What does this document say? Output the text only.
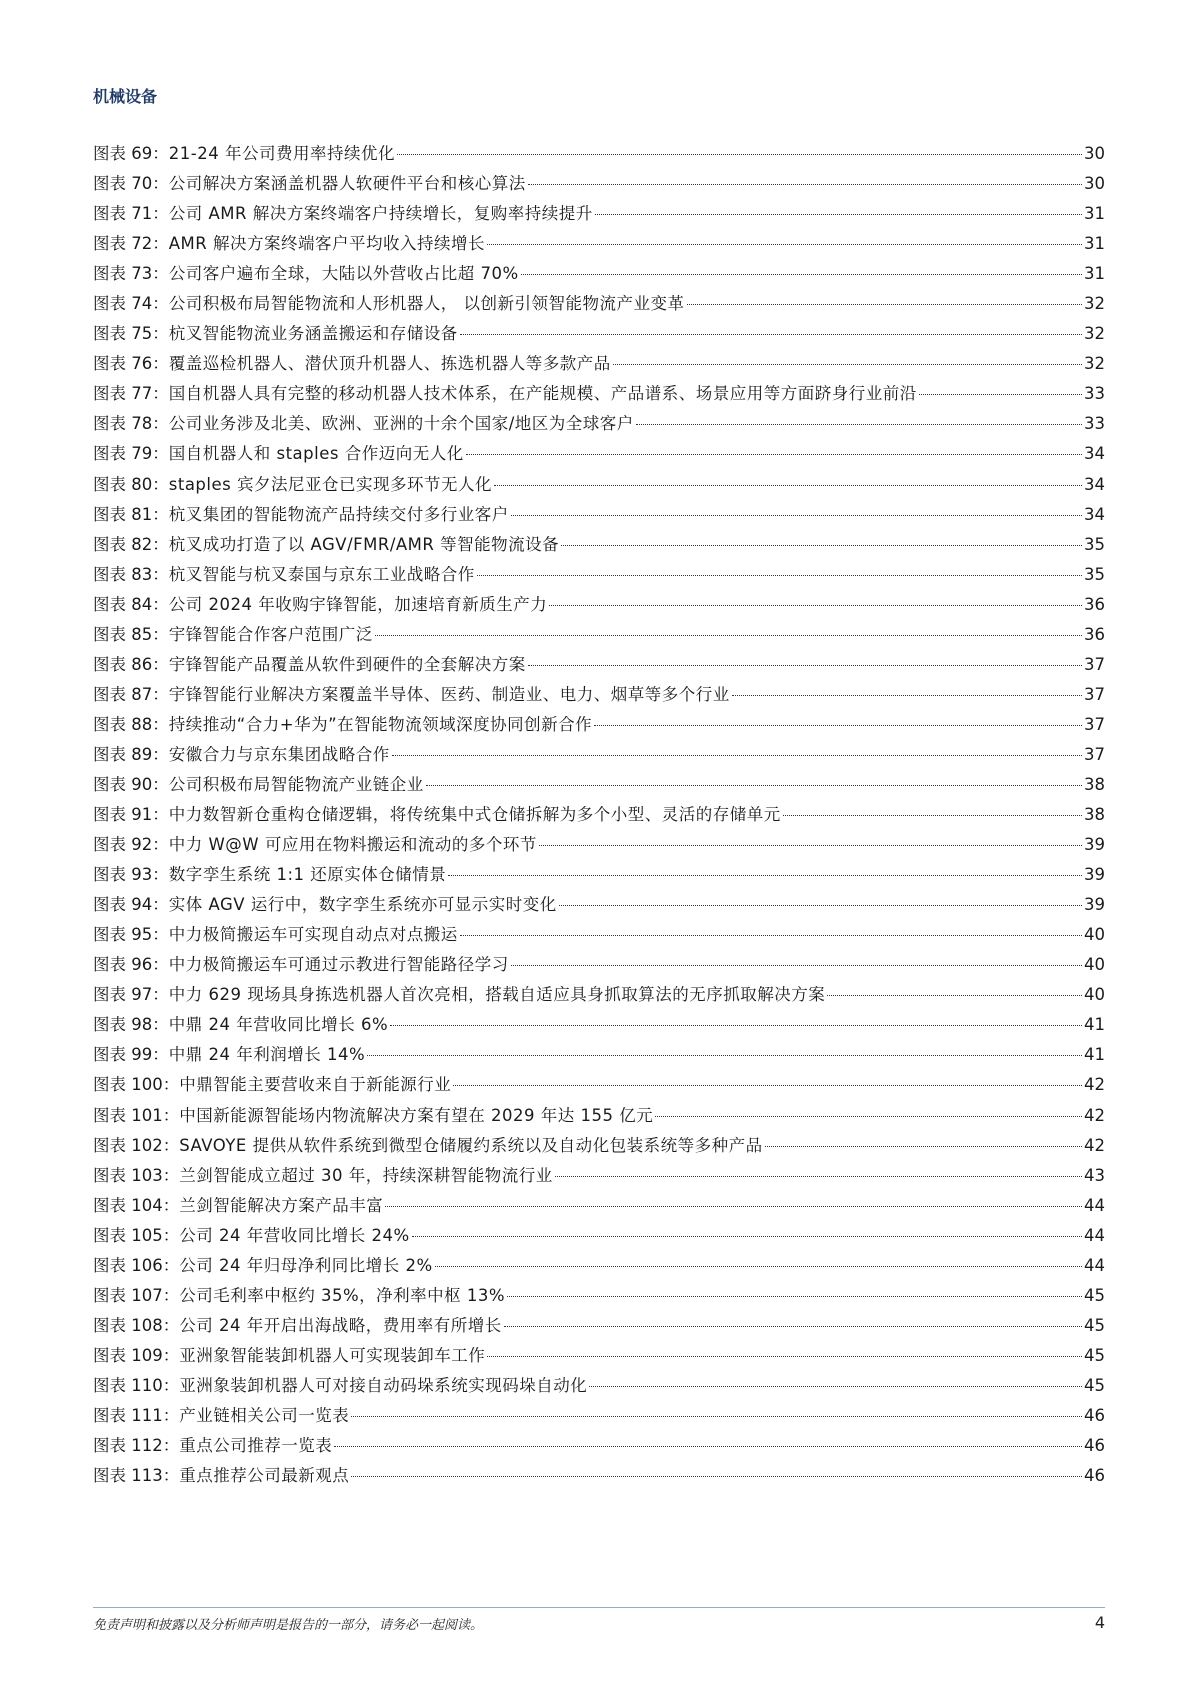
机械设备
图表 69： 21-24 年公司费用率持续优化	30
图表 70： 公司解决方案涵盖机器人软硬件平台和核心算法	30
图表 71： 公司 AMR 解决方案终端客户持续增长，复购率持续提升	31
图表 72： AMR 解决方案终端客户平均收入持续增长	31
图表 73： 公司客户遍布全球，大陆以外营收占比超 70%	31
图表 74： 公司积极布局智能物流和人形机器人， 以创新引领智能物流产业变革	32
图表 75： 杭叉智能物流业务涵盖搬运和存储设备	32
图表 76： 覆盖巡检机器人、潜伏顶升机器人、拣选机器人等多款产品	32
图表 77： 国自机器人具有完整的移动机器人技术体系，在产能规模、产品谱系、场景应用等方面跻身行业前沿	33
图表 78： 公司业务涉及北美、欧洲、亚洲的十余个国家/地区为全球客户	33
图表 79： 国自机器人和 staples 合作迈向无人化	34
图表 80： staples 宾夕法尼亚仓已实现多环节无人化	34
图表 81： 杭叉集团的智能物流产品持续交付多行业客户	34
图表 82： 杭叉成功打造了以 AGV/FMR/AMR 等智能物流设备	35
图表 83： 杭叉智能与杭叉泰国与京东工业战略合作	35
图表 84： 公司 2024 年收购宇锋智能，加速培育新质生产力	36
图表 85： 宇锋智能合作客户范围广泛	36
图表 86： 宇锋智能产品覆盖从软件到硬件的全套解决方案	37
图表 87： 宇锋智能行业解决方案覆盖半导体、医药、制造业、电力、烟草等多个行业	37
图表 88： 持续推动“合力+华为”在智能物流领域深度协同创新合作	37
图表 89： 安徽合力与京东集团战略合作	37
图表 90： 公司积极布局智能物流产业链企业	38
图表 91： 中力数智新仓重构仓储逻辑，将传统集中式仓储拆解为多个小型、灵活的存储单元	38
图表 92： 中力 W@W 可应用在物料搬运和流动的多个环节	39
图表 93： 数字孪生系统 1:1 还原实体仓储情景	39
图表 94： 实体 AGV 运行中，数字孪生系统亦可显示实时变化	39
图表 95： 中力极简搬运车可实现自动点对点搬运	40
图表 96： 中力极简搬运车可通过示教进行智能路径学习	40
图表 97： 中力 629 现场具身拣选机器人首次亮相，搭载自适应具身抓取算法的无序抓取解决方案	40
图表 98： 中鼎 24 年营收同比增长 6%	41
图表 99： 中鼎 24 年利润增长 14%	41
图表 100： 中鼎智能主要营收来自于新能源行业	42
图表 101： 中国新能源智能场内物流解决方案有望在 2029 年达 155 亿元	42
图表 102： SAVOYE 提供从软件系统到微型仓储履约系统以及自动化包装系统等多种产品	42
图表 103： 兰剑智能成立超过 30 年，持续深耕智能物流行业	43
图表 104： 兰剑智能解决方案产品丰富	44
图表 105： 公司 24 年营收同比增长 24%	44
图表 106： 公司 24 年归母净利同比增长 2%	44
图表 107： 公司毛利率中枢约 35%，净利率中枢 13%	45
图表 108： 公司 24 年开启出海战略，费用率有所增长	45
图表 109： 亚洲象智能装卸机器人可实现装卸车工作	45
图表 110： 亚洲象装卸机器人可对接自动码垛系统实现码垛自动化	45
图表 111： 产业链相关公司一览表	46
图表 112： 重点公司推荐一览表	46
图表 113： 重点推荐公司最新观点	46
免责声明和披露以及分析师声明是报告的一部分，请务必一起阅读。	4
